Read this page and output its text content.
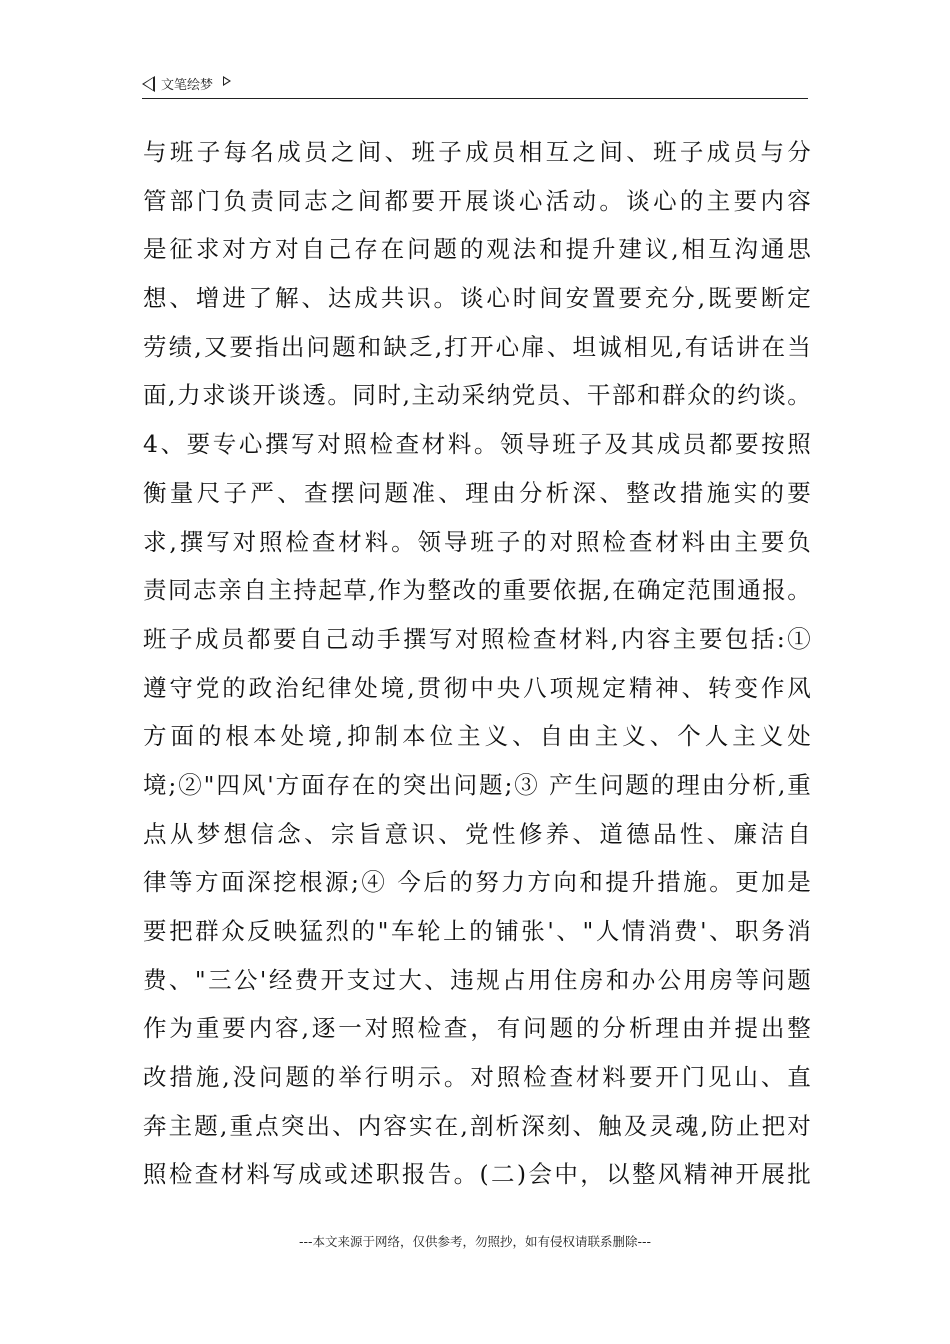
文笔绘梦
与班子每名成员之间、班子成员相互之间、班子成员与分
管部门负责同志之间都要开展谈心活动。谈心的主要内容
是征求对方对自己存在问题的观法和提升建议,相互沟通思
想、增进了解、达成共识。谈心时间安置要充分,既要断定
劳绩,又要指出问题和缺乏,打开心扉、坦诚相见,有话讲在当
面,力求谈开谈透。同时,主动采纳党员、干部和群众的约谈。
4、要专心撰写对照检查材料。领导班子及其成员都要按照
衡量尺子严、查摆问题准、理由分析深、整改措施实的要
求,撰写对照检查材料。领导班子的对照检查材料由主要负
责同志亲自主持起草,作为整改的重要依据,在确定范围通报。
班子成员都要自己动手撰写对照检查材料,内容主要包括:①
遵守党的政治纪律处境,贯彻中央八项规定精神、转变作风
方面的根本处境,抑制本位主义、自由主义、个人主义处
境;②"四风'方面存在的突出问题;③ 产生问题的理由分析,重
点从梦想信念、宗旨意识、党性修养、道德品性、廉洁自
律等方面深挖根源;④ 今后的努力方向和提升措施。更加是
要把群众反映猛烈的"车轮上的铺张'、"人情消费'、职务消
费、"三公'经费开支过大、违规占用住房和办公用房等问题
作为重要内容,逐一对照检查，有问题的分析理由并提出整
改措施,没问题的举行明示。对照检查材料要开门见山、直
奔主题,重点突出、内容实在,剖析深刻、触及灵魂,防止把对
照检查材料写成或述职报告。(二)会中，以整风精神开展批
---本文来源于网络，仅供参考，勿照抄，如有侵权请联系删除---
